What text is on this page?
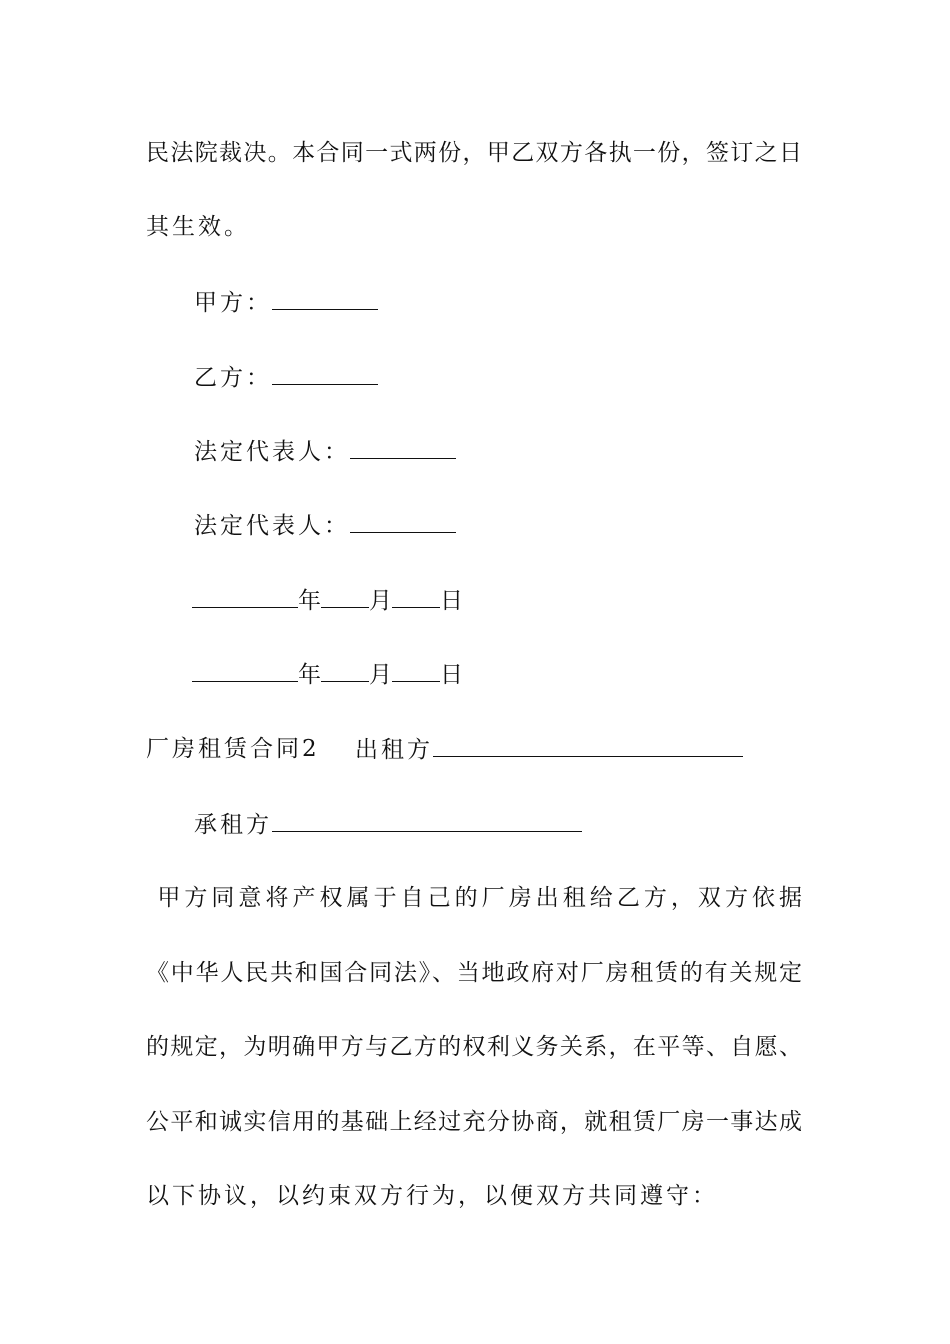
民法院裁决。本合同一式两份，甲乙双方各执一份，签订之日
其生效。
甲方：
乙方：
法定代表人：
法定代表人：
年 月 日
年 月 日
厂房租赁合同2 出租方
承租方
甲方同意将产权属于自己的厂房出租给乙方，双方依据
《中华人民共和国合同法》、当地政府对厂房租赁的有关规定
的规定，为明确甲方与乙方的权利义务关系，在平等、自愿、
公平和诚实信用的基础上经过充分协商，就租赁厂房一事达成
以下协议，以约束双方行为，以便双方共同遵守：
